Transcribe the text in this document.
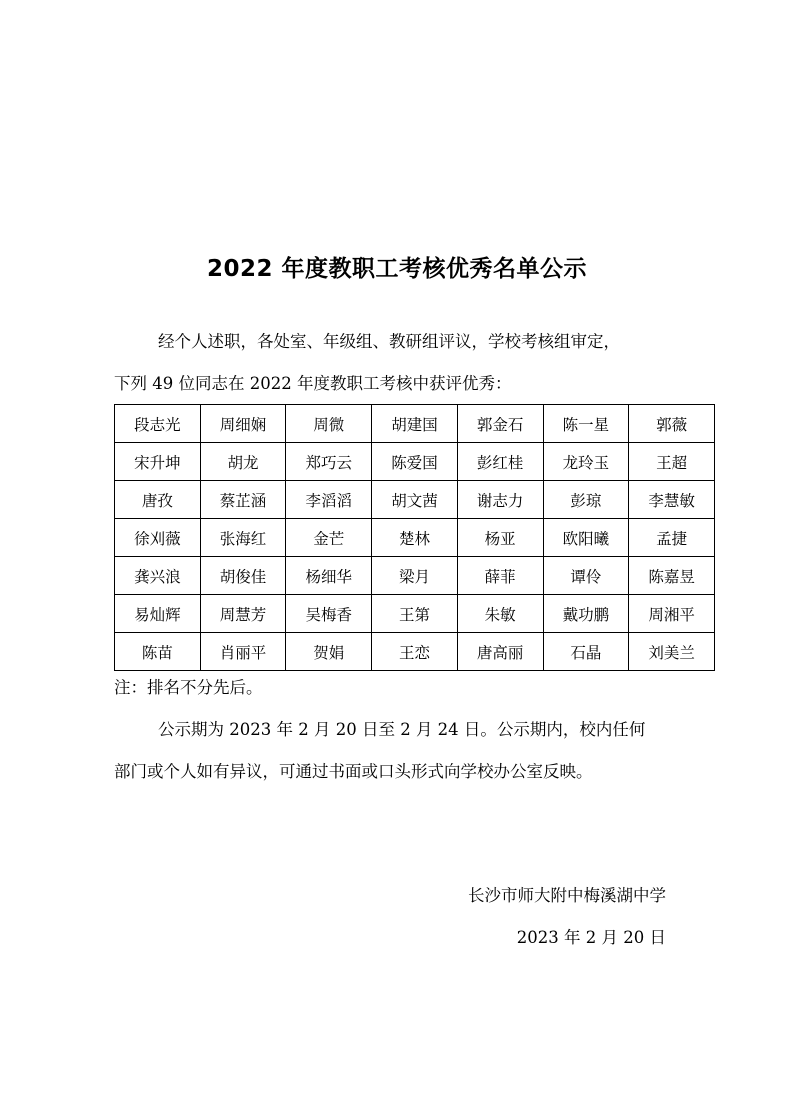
2022 年度教职工考核优秀名单公示

经个人述职，各处室、年级组、教研组评议，学校考核组审定，

下列 49 位同志在 2022 年度教职工考核中获评优秀：

段志光	周细娴	周微	胡建国	郭金石	陈一星	郭薇
宋升坤	胡龙	郑巧云	陈爱国	彭红桂	龙玲玉	王超
唐孜	蔡芷涵	李滔滔	胡文茜	谢志力	彭琼	李慧敏
徐刈薇	张海红	金芒	楚林	杨亚	欧阳曦	孟捷
龚兴浪	胡俊佳	杨细华	梁月	薛菲	谭伶	陈嘉昱
易灿辉	周慧芳	吴梅香	王第	朱敏	戴功鹏	周湘平
陈苗	肖丽平	贺娟	王恋	唐高丽	石晶	刘美兰

注：排名不分先后。

公示期为 2023 年 2 月 20 日至 2 月 24 日。公示期内，校内任何

部门或个人如有异议，可通过书面或口头形式向学校办公室反映。

长沙市师大附中梅溪湖中学

2023 年 2 月 20 日
